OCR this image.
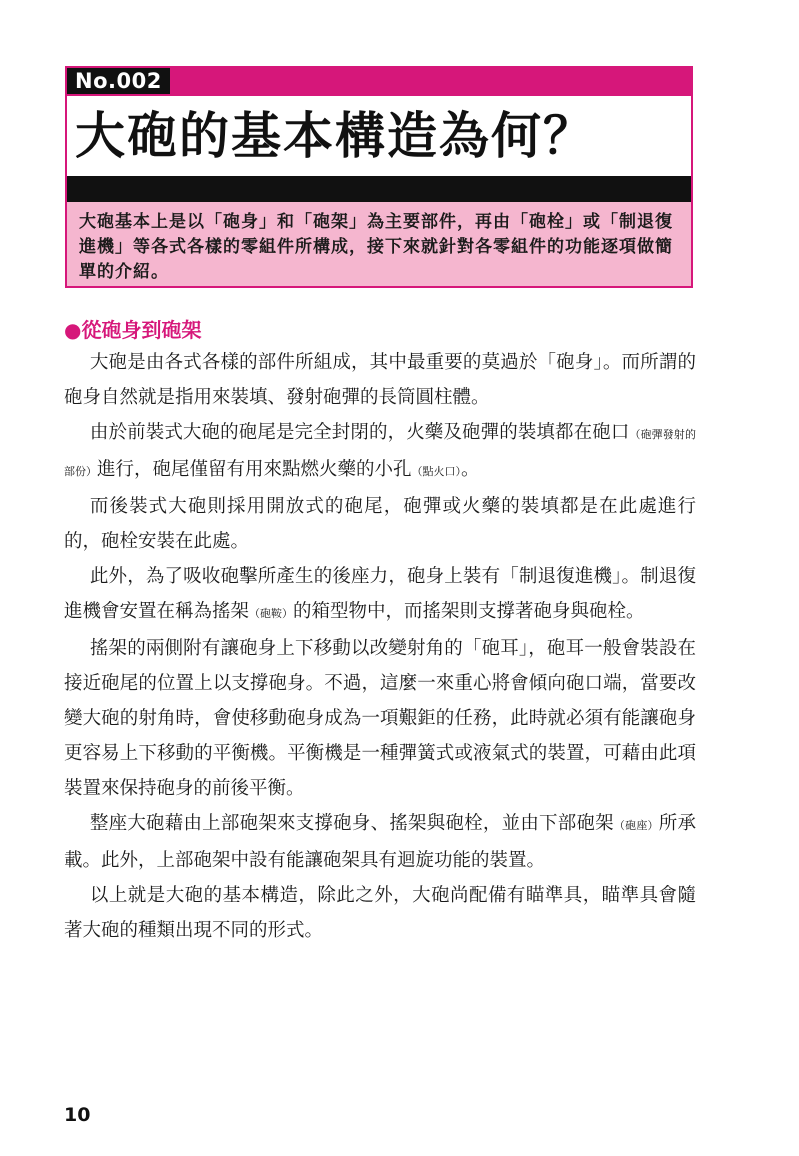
No.002
大砲的基本構造為何？
大砲基本上是以「砲身」和「砲架」為主要部件，再由「砲栓」或「制退復進機」等各式各樣的零組件所構成，接下來就針對各零組件的功能逐項做簡單的介紹。
●從砲身到砲架

大砲是由各式各樣的部件所組成，其中最重要的莫過於「砲身」。而所謂的砲身自然就是指用來裝填、發射砲彈的長筒圓柱體。

由於前裝式大砲的砲尾是完全封閉的，火藥及砲彈的裝填都在砲口（砲彈發射的部份）進行，砲尾僅留有用來點燃火藥的小孔（點火口）。

而後裝式大砲則採用開放式的砲尾，砲彈或火藥的裝填都是在此處進行的，砲栓安裝在此處。

此外，為了吸收砲擊所產生的後座力，砲身上裝有「制退復進機」。制退復進機會安置在稱為搖架（砲鞍）的箱型物中，而搖架則支撐著砲身與砲栓。

搖架的兩側附有讓砲身上下移動以改變射角的「砲耳」，砲耳一般會裝設在接近砲尾的位置上以支撐砲身。不過，這麼一來重心將會傾向砲口端，當要改變大砲的射角時，會使移動砲身成為一項艱鉅的任務，此時就必須有能讓砲身更容易上下移動的平衡機。平衡機是一種彈簧式或液氣式的裝置，可藉由此項裝置來保持砲身的前後平衡。

整座大砲藉由上部砲架來支撐砲身、搖架與砲栓，並由下部砲架（砲座）所承載。此外，上部砲架中設有能讓砲架具有迴旋功能的裝置。

以上就是大砲的基本構造，除此之外，大砲尚配備有瞄準具，瞄準具會隨著大砲的種類出現不同的形式。

10
